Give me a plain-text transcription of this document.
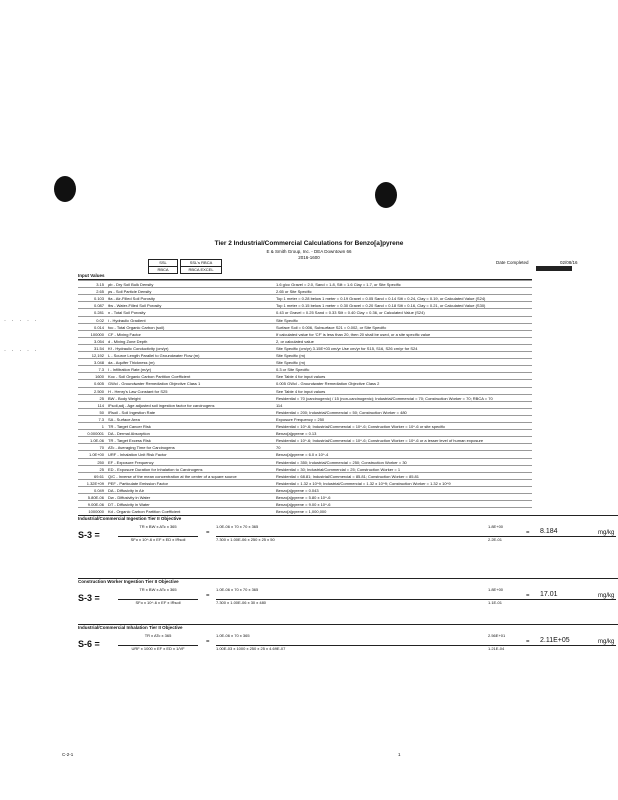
Tier 2 Industrial/Commercial Calculations for Benzo[a]pyrene
E & Smith Group, Inc. - DEA Downtown 66
2016-1600
SSL	SSL's RBCA
RBCA	RBCA EXCEL
Date Completed	02/08/16
Input Values
3.15 ρb - Dry Soil Bulk Density	1.6 g/cc Gravel = 2.0, Sand = 1.8, Silt = 1.6 Clay = 1.7, or Site Specific
2.65 ρs - Soil Particle Density	2.65 or Site Specific
0.103 θa - Air-Filled Soil Porosity	Top 1 meter = 0.28 below 1 meter = 0.19 Gravel = 0.05 Sand = 0.14 Silt = 0.24, Clay = 0.19, or Calculated Value (S24)
0.087 θw - Water-Filled Soil Porosity	Top 1 meter = 0.15 below 1 meter = 0.30 Gravel = 0.20 Sand = 0.18 Silt = 0.16, Clay = 0.21, or Calculated Value (S30)
0.281 n - Total Soil Porosity	0.43 or Gravel = 0.25 Sand = 0.33 Silt = 0.40 Clay = 0.36, or Calculated Value (S24)
0.02 i - Hydraulic Gradient	Site Specific
0.014 foc - Total Organic Carbon (soil)	Surface Soil = 0.006, Subsurface S21 = 0.002, or Site Specific
100000 CF - Mixing Factor	If calculated value for 'CF' is less than 20, then 20 shall be used, or a site specific value
3.054 d - Mixing Zone Depth	2, or calculated value
31.54 Kf - Hydraulic Conductivity (cm/yr)	Site Specific (cm/yr) 3.15E+03 cm/yr Use cm/yr for S15, S16, S26 cm/yr for S24
12,192 L - Source Length Parallel to Groundwater Flow (m)	Site Specific (m)
3.048 da - Aquifer Thickness (m)	Site Specific (m)
7.3 I - Infiltration Rate (m/yr)	0.3 or Site Specific
1600 Koc - Soil Organic Carbon Partition Coefficient	See Table 4 for input values
0.605 GWcl - Groundwater Remediation Objective Class 1	0.005 GWcl - Groundwater Remediation Objective Class 2
2.500 H - Henry's Law Constant for S25	See Table 4 for input values
25 BW - Body Weight	Residential = 70 (carcinogenic) / 15 (non-carcinogenic); Industrial/Commercial = 70; Construction Worker = 70; RBCA = 70
114 IFsoil,adj - Age adjusted soil ingestion factor for carcinogens	114
50 IRsoil - Soil Ingestion Rate	Residential = 200; Industrial/Commercial = 50; Construction Worker = 480
7.3 SA - Surface Area	Exposure Frequency = 250
1 TR - Target Cancer Risk	Residential = 10^-6; Industrial/Commercial = 10^-6; Construction Worker = 10^-6 or site specific
0.000001 DA - Dermal Absorption	Benzo[a]pyrene = 0.13
1.0E-06 TR - Target Excess Risk	Residential = 10^-6; Industrial/Commercial = 10^-6; Construction Worker = 10^-6 or a lesser level of human exposure
70 ATc - Averaging Time for Carcinogens	70
1.0E+00 URF - Inhalation Unit Risk Factor	Benzo[a]pyrene = 6.0 x 10^-4
250 EF - Exposure Frequency	Residential = 350; Industrial/Commercial = 250; Construction Worker = 30
25 ED - Exposure Duration for Inhalation to Carcinogens	Residential = 30; Industrial/Commercial = 25; Construction Worker = 1
69.61 Q/C - Inverse of the mean concentration at the center of a square source	Residential = 68.81; Industrial/Commercial = 85.81; Construction Worker = 85.81
1.32E+09 PEF - Particulate Emission Factor	Residential = 1.32 x 10^9; Industrial/Commercial = 1.32 x 10^9; Construction Worker = 1.32 x 10^9
0.049 DA - Diffusivity in Air	Benzo[a]pyrene = 0.043
5.80E-06 Dw - Diffusivity in Water	Benzo[a]pyrene = 5.80 x 10^-6
9.00E-06 DT - Diffusivity in Water	Benzo[a]pyrene = 9.00 x 10^-6
1000000 Kd - Organic Carbon Partition Coefficient	Benzo[a]pyrene = 1,000,000
Industrial/Commercial Ingestion Tier II Objective
S-3 =
TR x BW x ATc x 365
SFo x 10^-6 x EF x ED x IRsoil
=
1.0E-06 x 70 x 70 x 365
7.300 x 1.00E-06 x 250 x 25 x 50
1.8E+00
2.2E-01
= 8.184	mg/kg
Construction Worker Ingestion Tier II Objective
S-3 =
TR x BW x ATc x 365
SFo x 10^-6 x EF x IRsoil
=
1.0E-06 x 70 x 70 x 365
7.300 x 1.00E-06 x 30 x 480
1.8E+00
1.1E-01
= 17.01	mg/kg
Industrial/Commercial Inhalation Tier II Objective
S-6 =
TR x ATc x 365
URF x 1000 x EF x ED x 1/VF
=
1.0E-06 x 70 x 365
1.00E-03 x 1000 x 250 x 25 x 4.69E-07
2.56E+01
1.21E-04
= 2.11E+05	mg/kg
· · · · ·
· · · · ·
C-2-1	1
